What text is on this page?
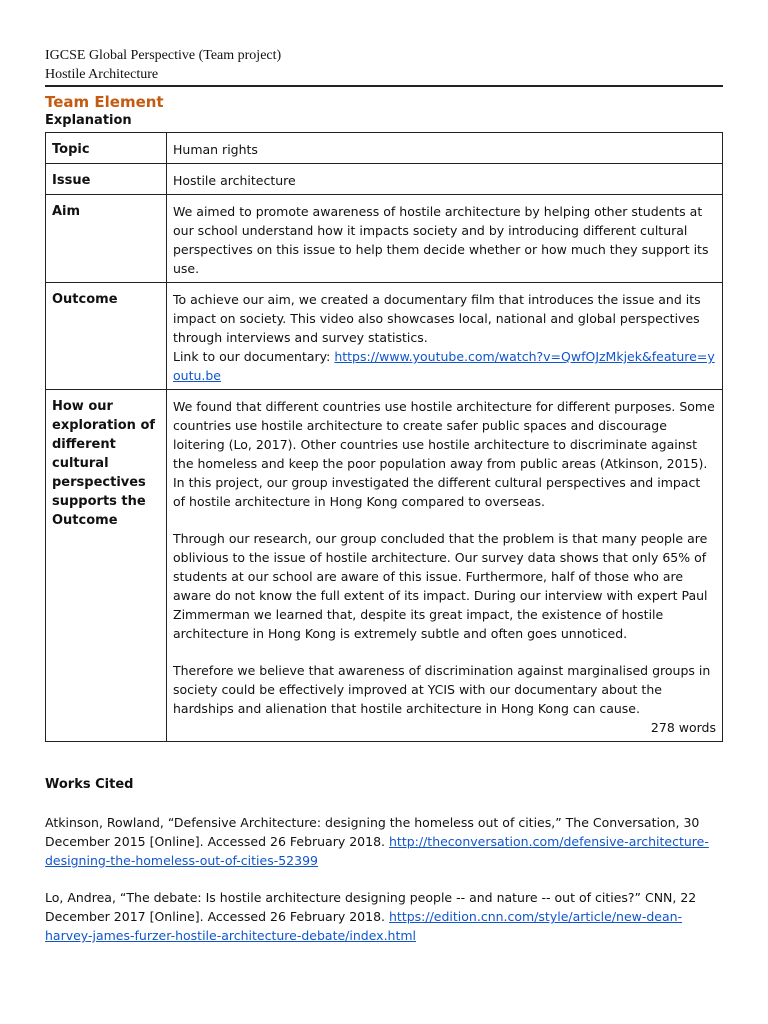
IGCSE Global Perspective (Team project)
Hostile Architecture
Team Element
Explanation
Topic	Human rights
Issue	Hostile architecture
Aim	We aimed to promote awareness of hostile architecture by helping other students at our school understand how it impacts society and by introducing different cultural perspectives on this issue to help them decide whether or how much they support its use.
Outcome	To achieve our aim, we created a documentary film that introduces the issue and its impact on society. This video also showcases local, national and global perspectives through interviews and survey statistics.

Link to our documentary: https://www.youtube.com/watch?v=QwfOJzMkjek&feature=youtu.be

How our exploration of different cultural perspectives supports the Outcome	We found that different countries use hostile architecture for different purposes. Some countries use hostile architecture to create safer public spaces and discourage loitering (Lo, 2017). Other countries use hostile architecture to discriminate against the homeless and keep the poor population away from public areas (Atkinson, 2015). In this project, our group investigated the different cultural perspectives and impact of hostile architecture in Hong Kong compared to overseas.

Through our research, our group concluded that the problem is that many people are oblivious to the issue of hostile architecture. Our survey data shows that only 65% of students at our school are aware of this issue. Furthermore, half of those who are aware do not know the full extent of its impact. During our interview with expert Paul Zimmerman we learned that, despite its great impact, the existence of hostile architecture in Hong Kong is extremely subtle and often goes unnoticed.

Therefore we believe that awareness of discrimination against marginalised groups in society could be effectively improved at YCIS with our documentary about the hardships and alienation that hostile architecture in Hong Kong can cause.

278 words
Works Cited
Atkinson, Rowland, “Defensive Architecture: designing the homeless out of cities,” The Conversation, 30 December 2015 [Online]. Accessed 26 February 2018. http://theconversation.com/defensive-architecture-designing-the-homeless-out-of-cities-52399
Lo, Andrea, “The debate: Is hostile architecture designing people -- and nature -- out of cities?” CNN, 22 December 2017 [Online]. Accessed 26 February 2018. https://edition.cnn.com/style/article/new-dean-harvey-james-furzer-hostile-architecture-debate/index.html
